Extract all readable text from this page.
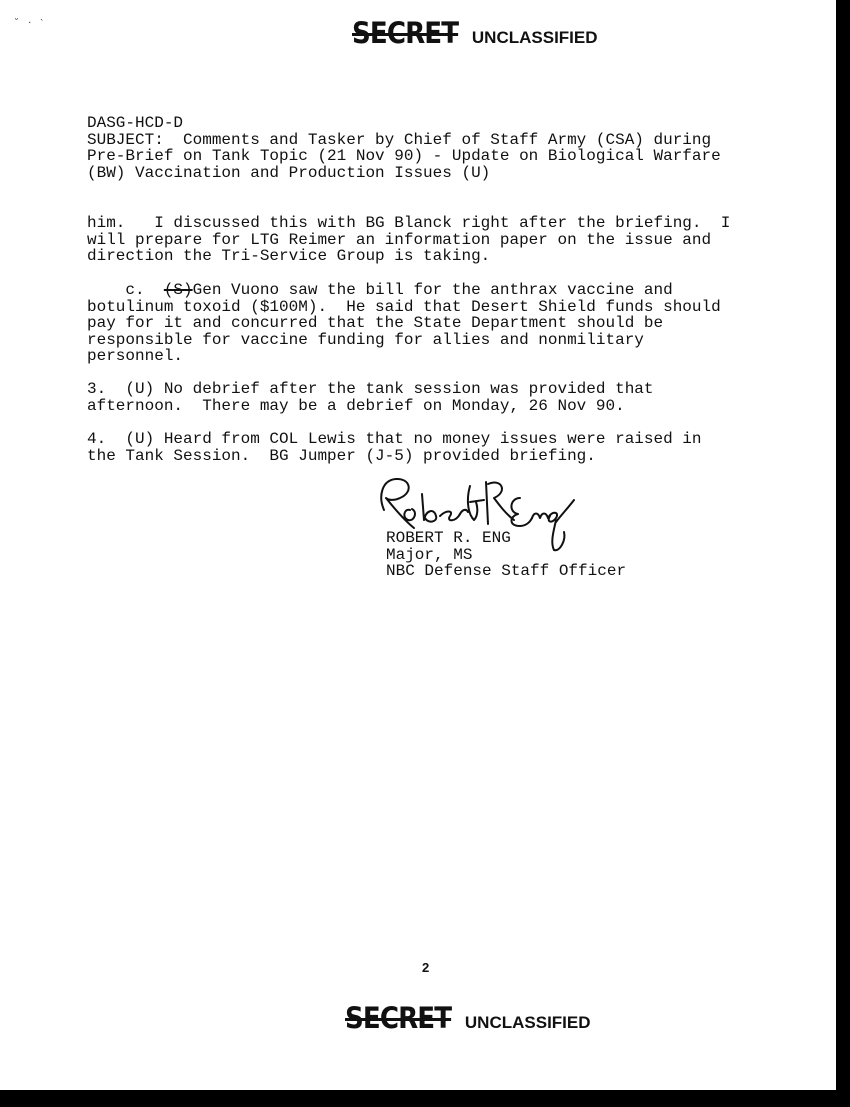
˘ · ‵	SECRET UNCLASSIFIED

DASG-HCD-D

SUBJECT:  Comments and Tasker by Chief of Staff Army (CSA) during

Pre-Brief on Tank Topic (21 Nov 90) - Update on Biological Warfare

(BW) Vaccination and Production Issues (U)

him.   I discussed this with BG Blanck right after the briefing.  I

will prepare for LTG Reimer an information paper on the issue and

direction the Tri-Service Group is taking.

c.  (S)Gen Vuono saw the bill for the anthrax vaccine and

botulinum toxoid ($100M).  He said that Desert Shield funds should

pay for it and concurred that the State Department should be

responsible for vaccine funding for allies and nonmilitary

personnel.

3.  (U) No debrief after the tank session was provided that

afternoon.  There may be a debrief on Monday, 26 Nov 90.

4.  (U) Heard from COL Lewis that no money issues were raised in

the Tank Session.  BG Jumper (J-5) provided briefing.

ROBERT R. ENG

Major, MS

NBC Defense Staff Officer

2
SECRET UNCLASSIFIED
